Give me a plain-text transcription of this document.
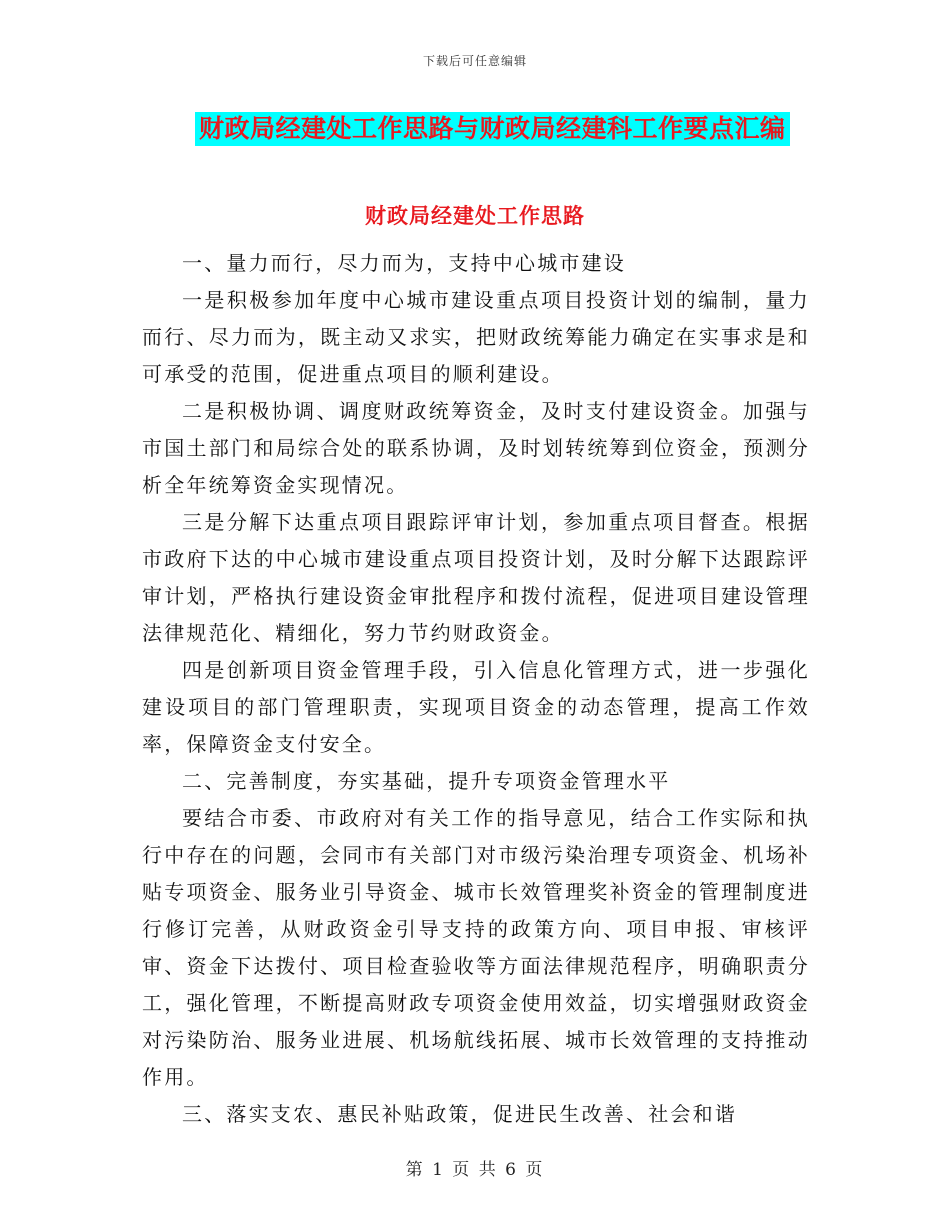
下载后可任意编辑
财政局经建处工作思路与财政局经建科工作要点汇编
财政局经建处工作思路

一、量力而行，尽力而为，支持中心城市建设

一是积极参加年度中心城市建设重点项目投资计划的编制，量力而行、尽力而为，既主动又求实，把财政统筹能力确定在实事求是和可承受的范围，促进重点项目的顺利建设。

二是积极协调、调度财政统筹资金，及时支付建设资金。加强与市国土部门和局综合处的联系协调，及时划转统筹到位资金，预测分析全年统筹资金实现情况。

三是分解下达重点项目跟踪评审计划，参加重点项目督查。根据市政府下达的中心城市建设重点项目投资计划，及时分解下达跟踪评审计划，严格执行建设资金审批程序和拨付流程，促进项目建设管理法律规范化、精细化，努力节约财政资金。

四是创新项目资金管理手段，引入信息化管理方式，进一步强化建设项目的部门管理职责，实现项目资金的动态管理，提高工作效率，保障资金支付安全。

二、完善制度，夯实基础，提升专项资金管理水平

要结合市委、市政府对有关工作的指导意见，结合工作实际和执行中存在的问题，会同市有关部门对市级污染治理专项资金、机场补贴专项资金、服务业引导资金、城市长效管理奖补资金的管理制度进行修订完善，从财政资金引导支持的政策方向、项目申报、审核评审、资金下达拨付、项目检查验收等方面法律规范程序，明确职责分工，强化管理，不断提高财政专项资金使用效益，切实增强财政资金对污染防治、服务业进展、机场航线拓展、城市长效管理的支持推动作用。

三、落实支农、惠民补贴政策，促进民生改善、社会和谐

第 1 页 共 6 页
